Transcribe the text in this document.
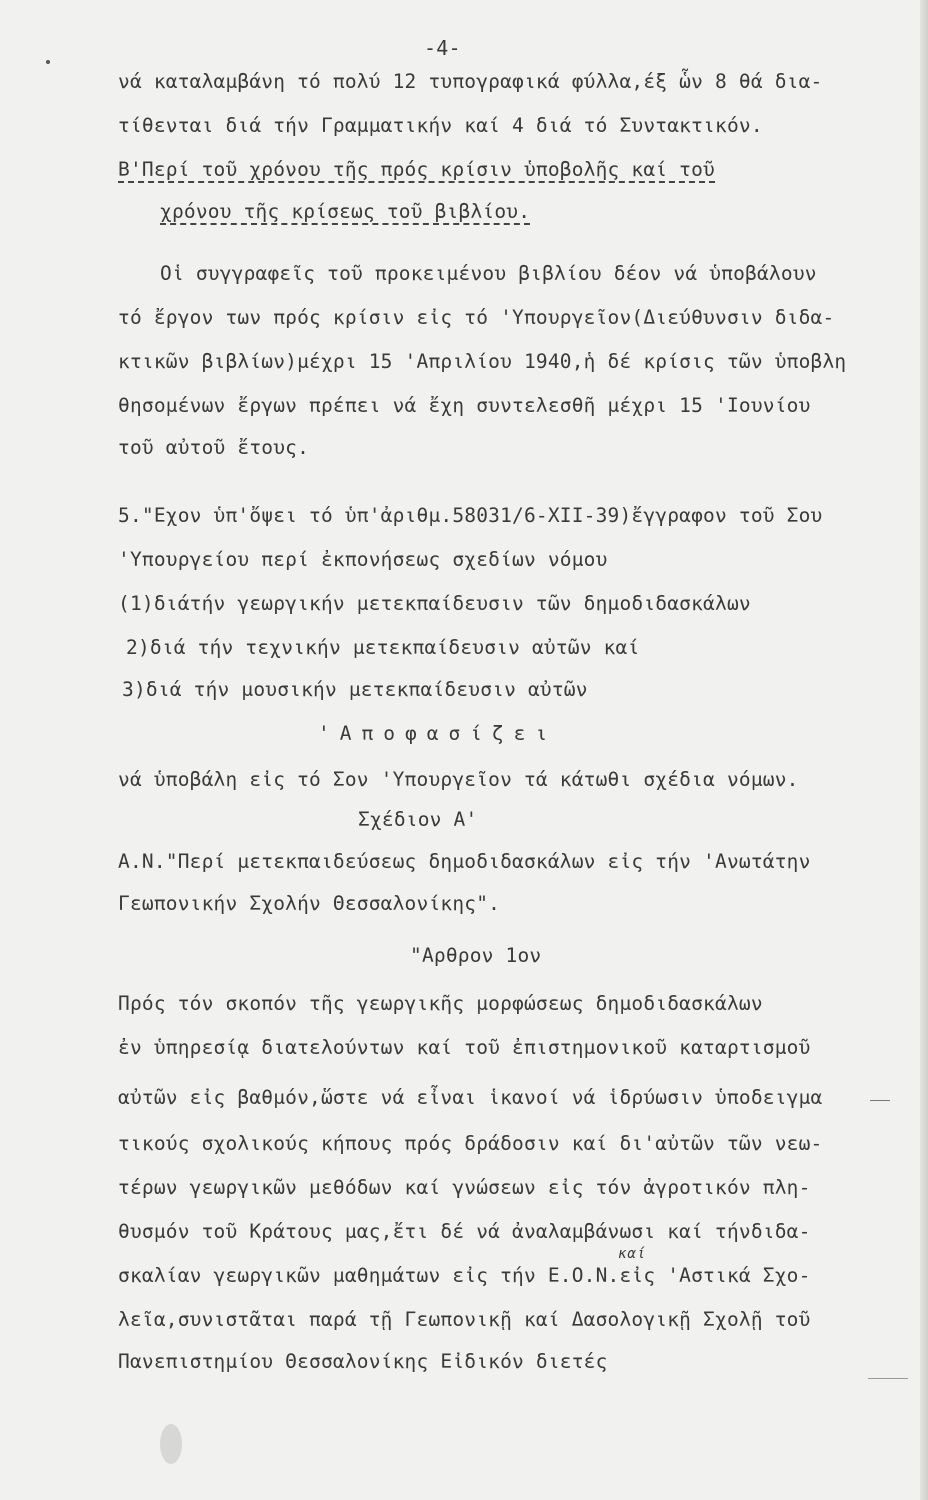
-4-
νά καταλαμβάνη τό πολύ 12 τυπογραφικά φύλλα,έξ ὧν 8 θά δια-
τίθενται διά τήν Γραμματικήν καί 4 διά τό Συντακτικόν.
Β'Περί τοῦ χρόνου τῆς πρός κρίσιν ὑποβολῆς καί τοῦ
χρόνου τῆς κρίσεως τοῦ βιβλίου.
Οἱ συγγραφεῖς τοῦ προκειμένου βιβλίου δέον νά ὑποβάλουν
τό ἔργον των πρός κρίσιν εἰς τό 'Υπουργεῖον(Διεύθυνσιν διδα-
κτικῶν βιβλίων)μέχρι 15 'Απριλίου 1940,ἡ δέ κρίσις τῶν ὑποβλη
θησομένων ἔργων πρέπει νά ἔχη συντελεσθῆ μέχρι 15 'Ιουνίου
τοῦ αὐτοῦ ἔτους.
5."Εχον ὑπ'ὄψει τό ὑπ'ἀριθμ.58031/6-XII-39)ἔγγραφον τοῦ Σου
'Υπουργείου περί ἐκπονήσεως σχεδίων νόμου
(1)διάτήν γεωργικήν μετεκπαίδευσιν τῶν δημοδιδασκάλων
2)διά τήν τεχνικήν μετεκπαίδευσιν αὐτῶν καί
3)διά τήν μουσικήν μετεκπαίδευσιν αὐτῶν
'Αποφασίζει
νά ὑποβάλη εἰς τό Σον 'Υπουργεῖον τά κάτωθι σχέδια νόμων.
Σχέδιον Α'
Α.Ν."Περί μετεκπαιδεύσεως δημοδιδασκάλων εἰς τήν 'Ανωτάτην
Γεωπονικήν Σχολήν Θεσσαλονίκης".
"Αρθρον 1ον
Πρός τόν σκοπόν τῆς γεωργικῆς μορφώσεως δημοδιδασκάλων
ἐν ὑπηρεσίᾳ διατελούντων καί τοῦ ἐπιστημονικοῦ καταρτισμοῦ
αὐτῶν εἰς βαθμόν,ὥστε νά εἶναι ἱκανοί νά ἱδρύωσιν ὑποδειγμα
τικούς σχολικούς κήπους πρός δράδοσιν καί δι'αὐτῶν τῶν νεω-
τέρων γεωργικῶν μεθόδων καί γνώσεων εἰς τόν ἀγροτικόν πλη-
θυσμόν τοῦ Κράτους μας,ἔτι δέ νά ἀναλαμβάνωσι καί τήνδιδα-
καί
σκαλίαν γεωργικῶν μαθημάτων εἰς τήν Ε.Ο.Ν.εἰς 'Αστικά Σχο-
λεῖα,συνιστᾶται παρά τῇ Γεωπονικῇ καί Δασολογικῇ Σχολῇ τοῦ
Πανεπιστημίου Θεσσαλονίκης Εἰδικόν διετές
